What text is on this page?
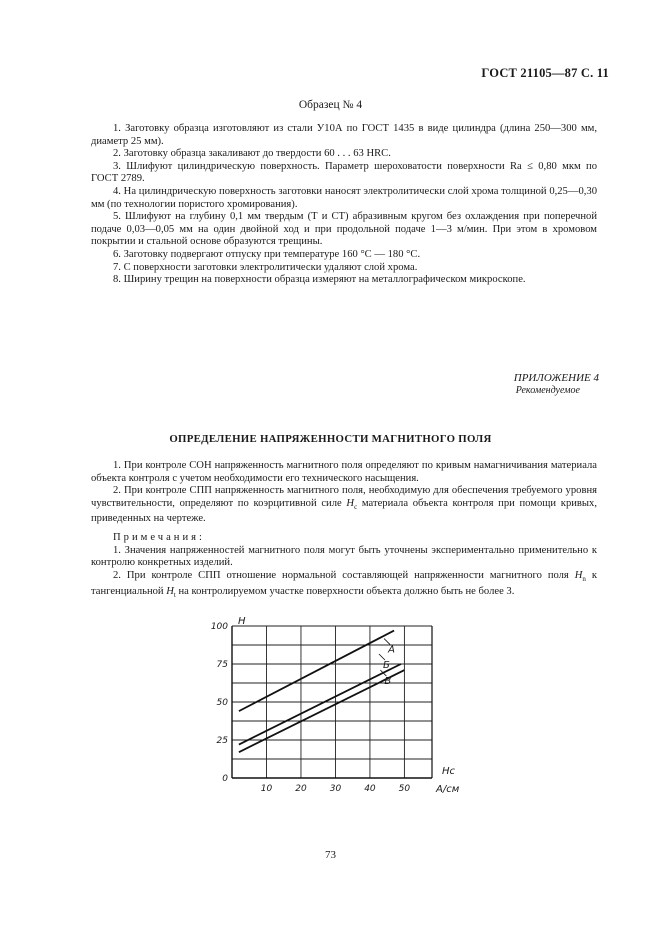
ГОСТ 21105—87 С. 11
Образец № 4

1. Заготовку образца изготовляют из стали У10А по ГОСТ 1435 в виде цилиндра (длина 250—300 мм, диаметр 25 мм).

2. Заготовку образца закаливают до твердости 60 . . . 63 HRC.

3. Шлифуют цилиндрическую поверхность. Параметр шероховатости поверхности Ra ≤ 0,80 мкм по ГОСТ 2789.

4. На цилиндрическую поверхность заготовки наносят электролитически слой хрома толщиной 0,25—0,30 мм (по технологии пористого хромирования).

5. Шлифуют на глубину 0,1 мм твердым (Т и СТ) абразивным кругом без охлаждения при поперечной подаче 0,03—0,05 мм на один двойной ход и при продольной подаче 1—3 м/мин. При этом в хромовом покрытии и стальной основе образуются трещины.

6. Заготовку подвергают отпуску при температуре 160 °С — 180 °С.

7. С поверхности заготовки электролитически удаляют слой хрома.

8. Ширину трещин на поверхности образца измеряют на металлографическом микроскопе.

ПРИЛОЖЕНИЕ 4
Рекомендуемое
ОПРЕДЕЛЕНИЕ НАПРЯЖЕННОСТИ МАГНИТНОГО ПОЛЯ

1. При контроле СОН напряженность магнитного поля определяют по кривым намагничивания материала объекта контроля с учетом необходимости его технического насыщения.

2. При контроле СПП напряженность магнитного поля, необходимую для обеспечения требуемого уровня чувствительности, определяют по коэрцитивной силе $H_c$ материала объекта контроля при помощи кривых, приведенных на чертеже.

Примечания:

1. Значения напряженностей магнитного поля могут быть уточнены экспериментально применительно к контролю конкретных изделий.

2. При контроле СПП отношение нормальной составляющей напряженности магнитного поля $H_n$ к тангенциальной $H_t$ на контролируемом участке поверхности объекта должно быть не более 3.

0
25
50
75
100
10	20	30	40	50
А
Б
В
H
Hс
А/см
73
